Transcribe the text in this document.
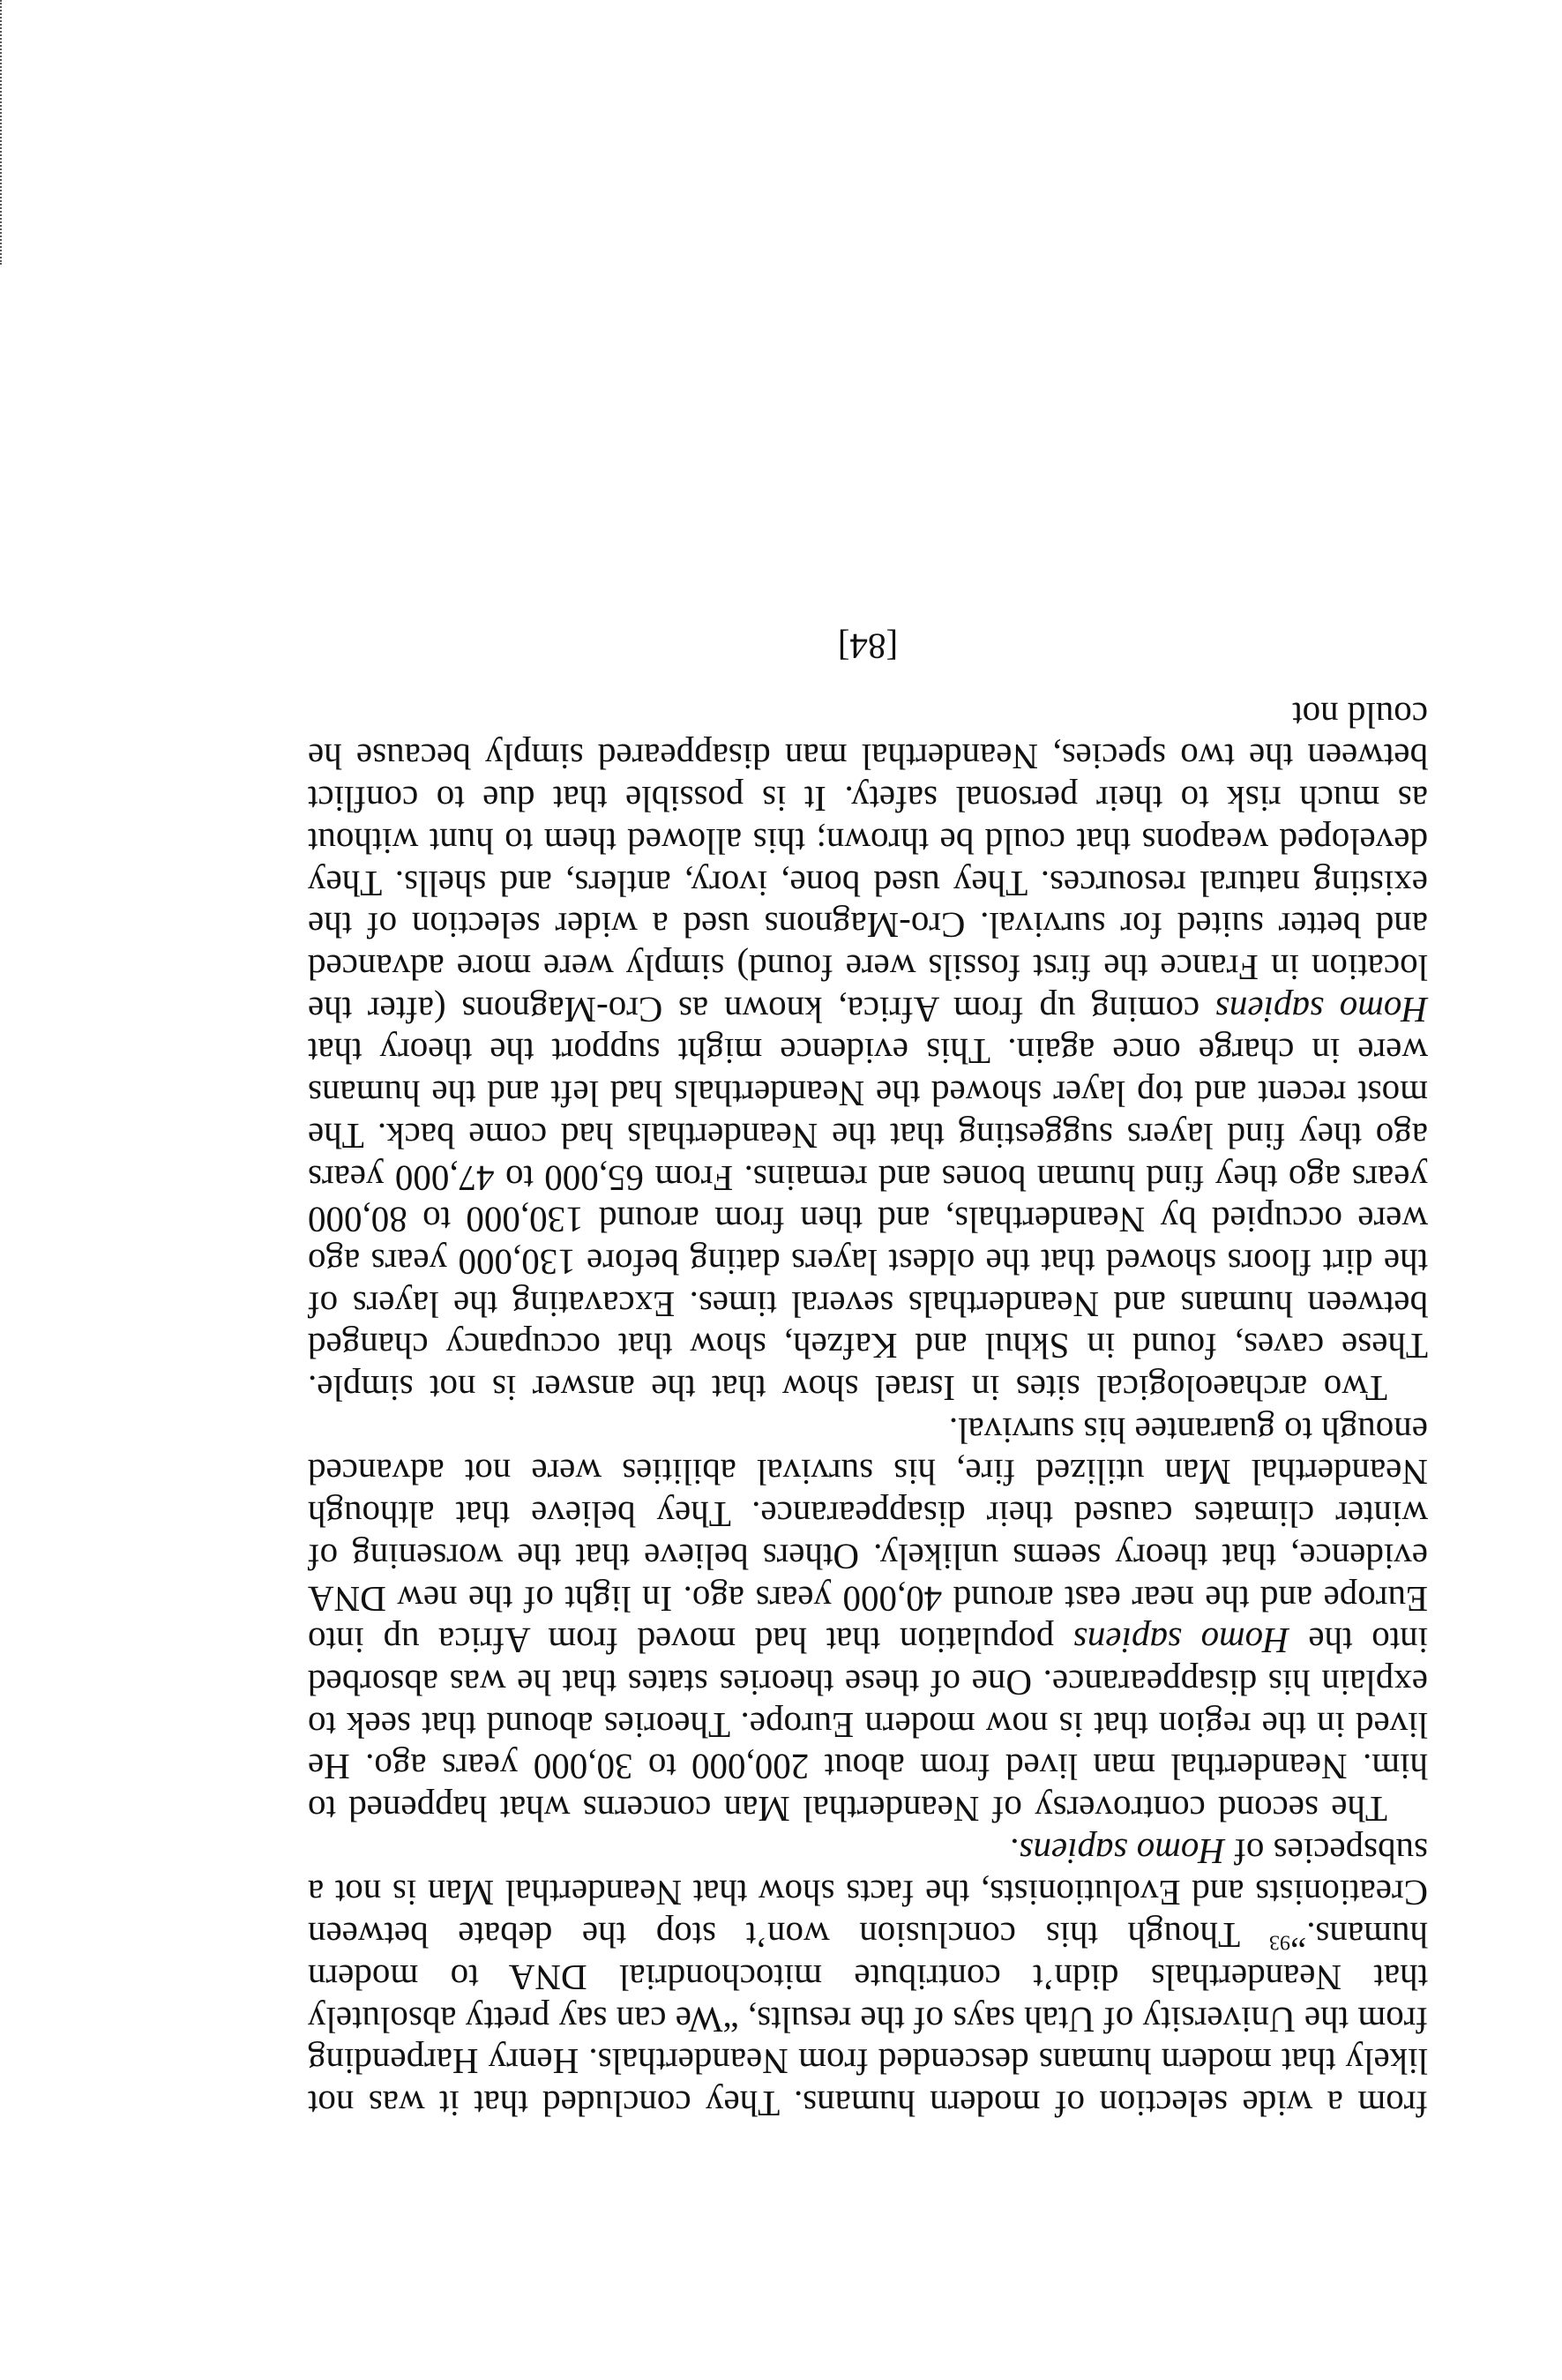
from a wide selection of modern humans. They concluded that it was not likely that modern humans descended from Neanderthals. Henry Harpending from the University of Utah says of the results, “We can say pretty absolutely that Neanderthals didn’t contribute mitochondrial DNA to modern humans.”$^{93}$ Though this conclusion won’t stop the debate between Creationists and Evolutionists, the facts show that Neanderthal Man is not a subspecies of Homo sapiens.

The second controversy of Neanderthal Man concerns what happened to him. Neanderthal man lived from about 200,000 to 30,000 years ago. He lived in the region that is now modern Europe. Theories abound that seek to explain his disappearance. One of these theories states that he was absorbed into the Homo sapiens population that had moved from Africa up into Europe and the near east around 40,000 years ago. In light of the new DNA evidence, that theory seems unlikely. Others believe that the worsening of winter climates caused their disappearance. They believe that although Neanderthal Man utilized fire, his survival abilities were not advanced enough to guarantee his survival.

Two archaeological sites in Israel show that the answer is not simple. These caves, found in Skhul and Kafzeh, show that occupancy changed between humans and Neanderthals several times. Excavating the layers of the dirt floors showed that the oldest layers dating before 130,000 years ago were occupied by Neanderthals, and then from around 130,000 to 80,000 years ago they find human bones and remains. From 65,000 to 47,000 years ago they find layers suggesting that the Neanderthals had come back. The most recent and top layer showed the Neanderthals had left and the humans were in charge once again. This evidence might support the theory that Homo sapiens coming up from Africa, known as Cro-Magnons (after the location in France the first fossils were found) simply were more advanced and better suited for survival. Cro-Magnons used a wider selection of the existing natural resources. They used bone, ivory, antlers, and shells. They developed weapons that could be thrown; this allowed them to hunt without as much risk to their personal safety. It is possible that due to conflict between the two species, Neanderthal man disappeared simply because he could not

[84]
